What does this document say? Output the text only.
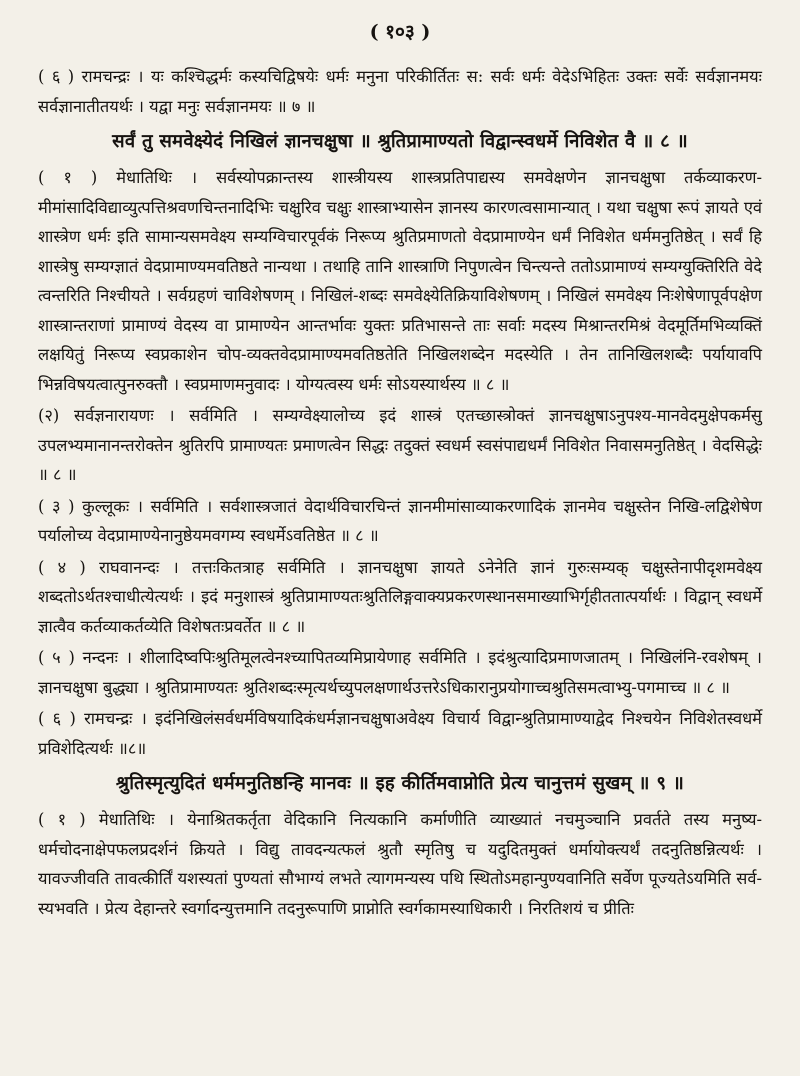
( १०३ )

( ६ ) रामचन्द्रः । यः कश्चिद्धर्मः कस्यचिद्विषयेः धर्मः मनुना परिकीर्तितः स: सर्वः धर्मः वेदेऽभिहितः उक्तः सर्वेः सर्वज्ञानमयः सर्वज्ञानातीतयर्थः । यद्वा मनुः सर्वज्ञानमयः ॥ ७ ॥

सर्वं तु समवेक्ष्येदं निखिलं ज्ञानचक्षुषा ॥ श्रुतिप्रामाण्यतो विद्वान्स्वधर्मे निविशेत वै ॥ ८ ॥

( १ ) मेधातिथिः । सर्वस्योपक्रान्तस्य शास्त्रीयस्य शास्त्रप्रतिपाद्यस्य समवेक्षणेन ज्ञानचक्षुषा तर्कव्याकरण-मीमांसादिविद्याव्युत्पत्तिश्रवणचिन्तनादिभिः चक्षुरिव चक्षुः शास्त्राभ्यासेन ज्ञानस्य कारणत्वसामान्यात् । यथा चक्षुषा रूपं ज्ञायते एवं शास्त्रेण धर्मः इति सामान्यसमवेक्ष्य सम्यग्विचारपूर्वकं निरूप्य श्रुतिप्रमाणतो वेदप्रामाण्येन धर्मं निविशेत धर्ममनुतिष्ठेत् । सर्वं हि शास्त्रेषु सम्यग्ज्ञातं वेदप्रामाण्यमवतिष्ठते नान्यथा । तथाहि तानि शास्त्राणि निपुणत्वेन चिन्त्यन्ते ततोऽप्रामाण्यं सम्यग्युक्तिरिति वेदे त्वन्तरिति निश्चीयते । सर्वग्रहणं चाविशेषणम् । निखिलं-शब्दः समवेक्ष्येतिक्रियाविशेषणम् । निखिलं समवेक्ष्य निःशेषेणापूर्वपक्षेण शास्त्रान्तराणां प्रामाण्यं वेदस्य वा प्रामाण्येन आन्तर्भावः युक्तः प्रतिभासन्ते ताः सर्वाः मदस्य मिश्रान्तरमिश्रं वेदमूर्तिमभिव्यक्तिं लक्षयितुं निरूप्य स्वप्रकाशेन चोप-व्यक्तवेदप्रामाण्यमवतिष्ठतेति निखिलशब्देन मदस्येति । तेन तानिखिलशब्दैः पर्यायावपि भिन्नविषयत्वात्पुनरुक्तौ । स्वप्रमाणमनुवादः । योग्यत्वस्य धर्मः सोऽयस्यार्थस्य ॥ ८ ॥

(२) सर्वज्ञनारायणः । सर्वमिति । सम्यग्वेक्ष्यालोच्य इदं शास्त्रं एतच्छास्त्रोक्तं ज्ञानचक्षुषाऽनुपश्य-मानवेदमुक्षेपकर्मसु उपलभ्यमानानन्तरोक्तेन श्रुतिरपि प्रामाण्यतः प्रमाणत्वेन सिद्धः तदुक्तं स्वधर्म स्वसंपाद्यधर्मं निविशेत निवासमनुतिष्ठेत् । वेदसिद्धेः ॥ ८ ॥

( ३ ) कुल्लूकः । सर्वमिति । सर्वशास्त्रजातं वेदार्थविचारचिन्तं ज्ञानमीमांसाव्याकरणादिकं ज्ञानमेव चक्षुस्तेन निखि-लद्विशेषेण पर्यालोच्य वेदप्रामाण्येनानुष्ठेयमवगम्य स्वधर्मेऽवतिष्ठेत ॥ ८ ॥

( ४ ) राघवानन्दः । तत्तःकितत्राह सर्वमिति । ज्ञानचक्षुषा ज्ञायते ऽनेनेति ज्ञानं गुरुःसम्यक् चक्षुस्तेनापीदृशमवेक्ष्य शब्दतोऽर्थतश्चाधीत्येत्यर्थः । इदं मनुशास्त्रं श्रुतिप्रामाण्यतःश्रुतिलिङ्गवाक्यप्रकरणस्थानसमाख्याभिर्गृहीततात्पर्यार्थः । विद्वान् स्वधर्मे ज्ञात्वैव कर्तव्याकर्तव्येति विशेषतःप्रवर्तेत ॥ ८ ॥

( ५ ) नन्दनः । शीलादिष्वपिःश्रुतिमूलत्वेनश्च्यापितव्यमिप्रायेणाह सर्वमिति । इदंश्रुत्यादिप्रमाणजातम् । निखिलंनि-रवशेषम् । ज्ञानचक्षुषा बुद्ध्या । श्रुतिप्रामाण्यतः श्रुतिशब्दःस्मृत्यर्थच्युपलक्षणार्थउत्तरेऽधिकारानुप्रयोगाच्चश्रुतिसमत्वाभ्यु-पगमाच्च ॥ ८ ॥

( ६ ) रामचन्द्रः । इदंनिखिलंसर्वधर्मविषयादिकंधर्मज्ञानचक्षुषाअवेक्ष्य विचार्य विद्वान्श्रुतिप्रामाण्याद्वेद निश्चयेन निविशेतस्वधर्मे प्रविशेदित्यर्थः ॥८॥

श्रुतिस्मृत्युदितं धर्ममनुतिष्ठन्हि मानवः ॥ इह कीर्तिमवाप्नोति प्रेत्य चानुत्तमं सुखम् ॥ ९ ॥

( १ ) मेधातिथिः । येनाश्रितकर्तृता वेदिकानि नित्यकानि कर्माणीति व्याख्यातं नचमुञ्चानि प्रवर्तते तस्य मनुष्य-धर्मचोदनाक्षेपफलप्रदर्शनं क्रियते । विद्यु तावदन्यत्फलं श्रुतौ स्मृतिषु च यदुदितमुक्तं धर्मायोक्त्यर्थं तदनुतिष्ठन्नित्यर्थः । यावज्जीवति तावत्कीर्तिं यशस्यतां पुण्यतां सौभाग्यं लभते त्यागमन्यस्य पथि स्थितोऽमहान्पुण्यवानिति सर्वेण पूज्यतेऽयमिति सर्व-स्यभवति । प्रेत्य देहान्तरे स्वर्गादन्युत्तमानि तदनुरूपाणि प्राप्नोति स्वर्गकामस्याधिकारी । निरतिशयं च प्रीतिः
